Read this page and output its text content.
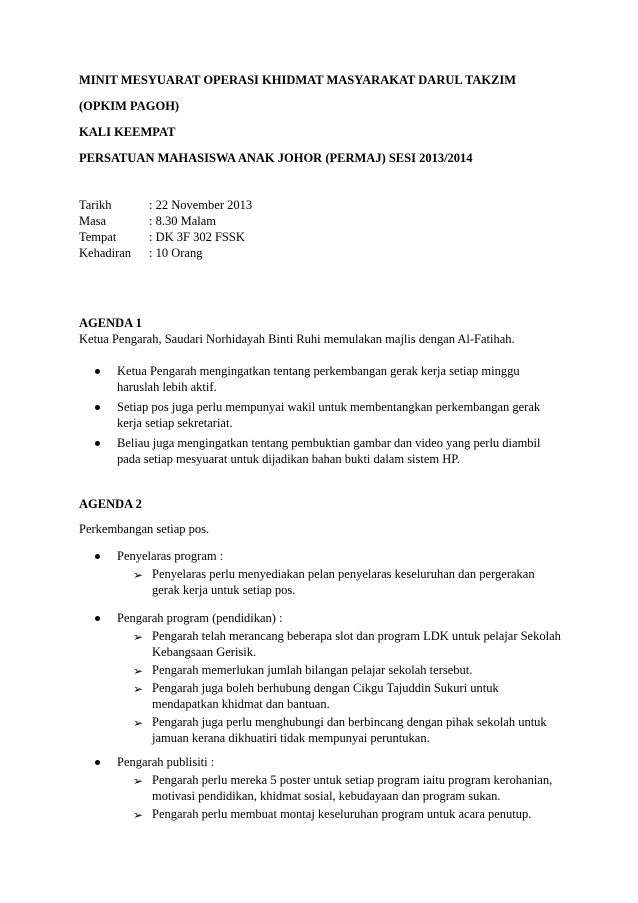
MINIT MESYUARAT OPERASI KHIDMAT MASYARAKAT DARUL TAKZIM
(OPKIM PAGOH)
KALI KEEMPAT
PERSATUAN MAHASISWA ANAK JOHOR (PERMAJ) SESI 2013/2014
Tarikh	: 22 November 2013
Masa	: 8.30 Malam
Tempat	: DK 3F 302 FSSK
Kehadiran : 10 Orang
AGENDA 1
Ketua Pengarah, Saudari Norhidayah Binti Ruhi memulakan majlis dengan Al-Fatihah.
Ketua Pengarah mengingatkan tentang perkembangan gerak kerja setiap minggu haruslah lebih aktif.
Setiap pos juga perlu mempunyai wakil untuk membentangkan perkembangan gerak kerja setiap sekretariat.
Beliau juga mengingatkan tentang pembuktian gambar dan video yang perlu diambil pada setiap mesyuarat untuk dijadikan bahan bukti dalam sistem HP.
AGENDA 2
Perkembangan setiap pos.
Penyelaras program :
➢ Penyelaras perlu menyediakan pelan penyelaras keseluruhan dan pergerakan gerak kerja untuk setiap pos.
Pengarah program (pendidikan) :
➢ Pengarah telah merancang beberapa slot dan program LDK untuk pelajar Sekolah Kebangsaan Gerisik.
➢ Pengarah memerlukan jumlah bilangan pelajar sekolah tersebut.
➢ Pengarah juga boleh berhubung dengan Cikgu Tajuddin Sukuri untuk mendapatkan khidmat dan bantuan.
➢ Pengarah juga perlu menghubungi dan berbincang dengan pihak sekolah untuk jamuan kerana dikhuatiri tidak mempunyai peruntukan.
Pengarah publisiti :
➢ Pengarah perlu mereka 5 poster untuk setiap program iaitu program kerohanian, motivasi pendidikan, khidmat sosial, kebudayaan dan program sukan.
➢ Pengarah perlu membuat montaj keseluruhan program untuk acara penutup.
